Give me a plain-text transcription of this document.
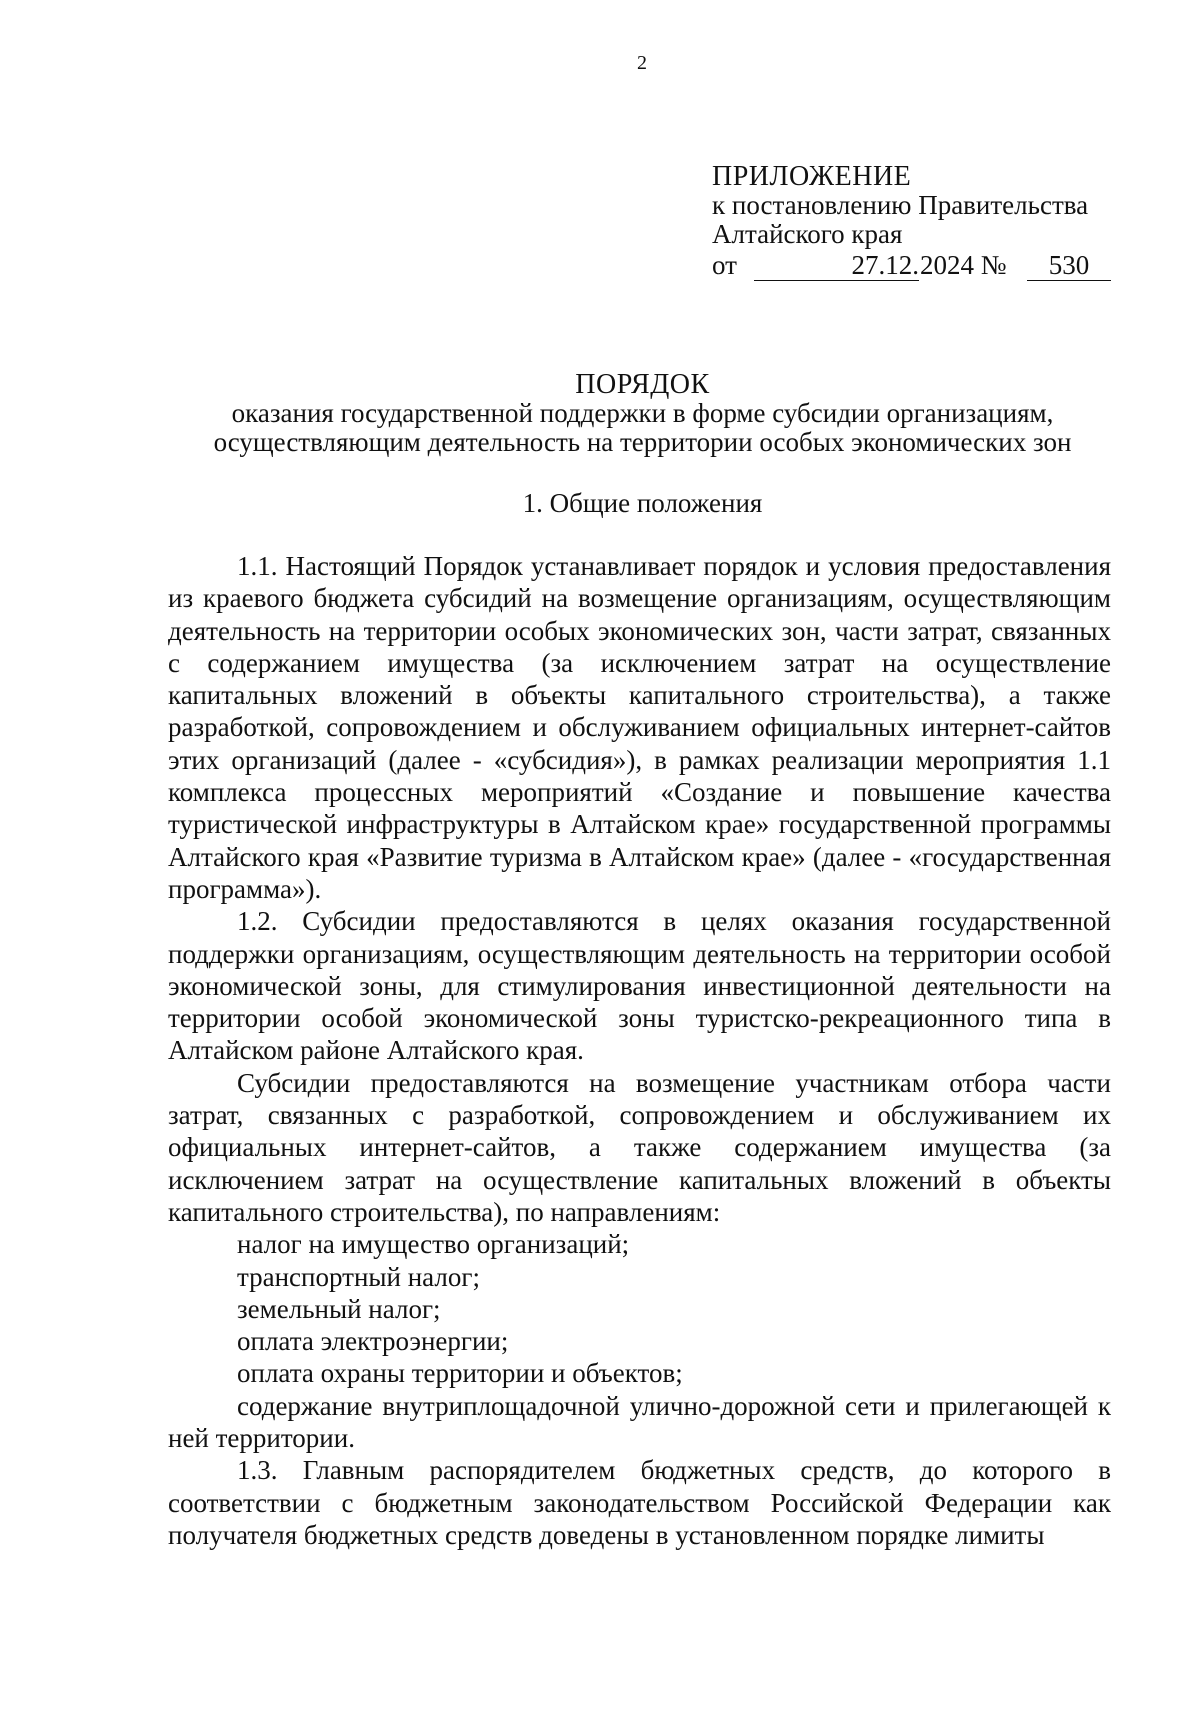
2
ПРИЛОЖЕНИЕ
к постановлению Правительства
Алтайского края
от	27.12. 2024 №	530
ПОРЯДОК
оказания государственной поддержки в форме субсидии организациям,
осуществляющим деятельность на территории особых экономических зон
1. Общие положения

1.1. Настоящий Порядок устанавливает порядок и условия предоставления из краевого бюджета субсидий на возмещение организациям, осуществляющим деятельность на территории особых экономических зон, части затрат, связанных с содержанием имущества (за исключением затрат на осуществление капитальных вложений в объекты капитального строительства), а также разработкой, сопровождением и обслуживанием официальных интернет-сайтов этих организаций (далее - «субсидия»), в рамках реализации мероприятия 1.1 комплекса процессных мероприятий «Создание и повышение качества туристической инфраструктуры в Алтайском крае» государственной программы Алтайского края «Развитие туризма в Алтайском крае» (далее - «государственная программа»).

1.2. Субсидии предоставляются в целях оказания государственной поддержки организациям, осуществляющим деятельность на территории особой экономической зоны, для стимулирования инвестиционной деятельности на территории особой экономической зоны туристско-рекреационного типа в Алтайском районе Алтайского края.

Субсидии предоставляются на возмещение участникам отбора части затрат, связанных с разработкой, сопровождением и обслуживанием их официальных интернет-сайтов, а также содержанием имущества (за исключением затрат на осуществление капитальных вложений в объекты капитального строительства), по направлениям:

налог на имущество организаций;

транспортный налог;

земельный налог;

оплата электроэнергии;

оплата охраны территории и объектов;

содержание внутриплощадочной улично-дорожной сети и прилегающей к ней территории.

1.3. Главным распорядителем бюджетных средств, до которого в соответствии с бюджетным законодательством Российской Федерации как получателя бюджетных средств доведены в установленном порядке лимиты
